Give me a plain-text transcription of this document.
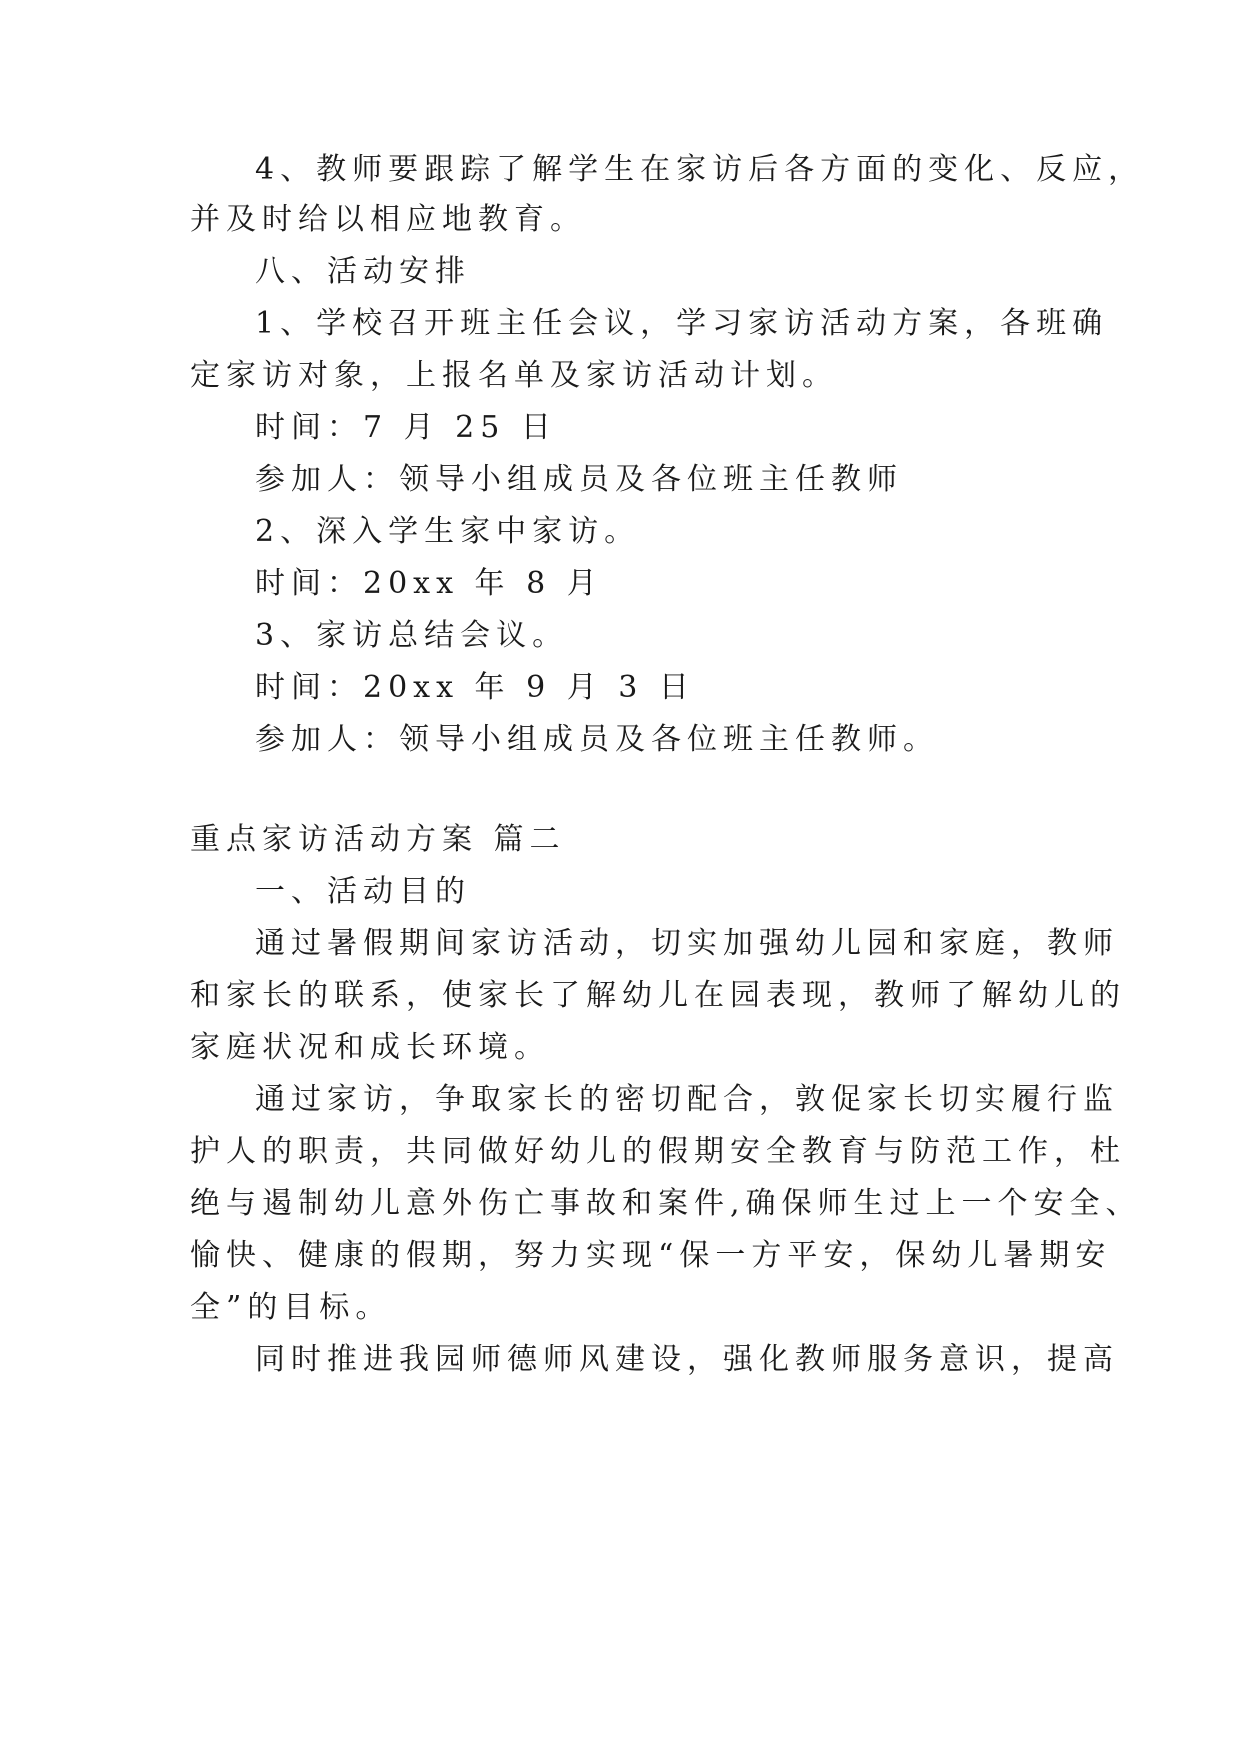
4、教师要跟踪了解学生在家访后各方面的变化、反应，
并及时给以相应地教育。
八、活动安排
1、学校召开班主任会议，学习家访活动方案，各班确
定家访对象，上报名单及家访活动计划。
时间：7 月 25 日
参加人：领导小组成员及各位班主任教师
2、深入学生家中家访。
时间：20xx 年 8 月
3、家访总结会议。
时间：20xx 年 9 月 3 日
参加人：领导小组成员及各位班主任教师。
重点家访活动方案 篇二
一、活动目的
通过暑假期间家访活动，切实加强幼儿园和家庭，教师
和家长的联系，使家长了解幼儿在园表现，教师了解幼儿的
家庭状况和成长环境。
通过家访，争取家长的密切配合，敦促家长切实履行监
护人的职责，共同做好幼儿的假期安全教育与防范工作，杜
绝与遏制幼儿意外伤亡事故和案件,确保师生过上一个安全、
愉快、健康的假期，努力实现“保一方平安，保幼儿暑期安
全”的目标。
同时推进我园师德师风建设，强化教师服务意识，提高
